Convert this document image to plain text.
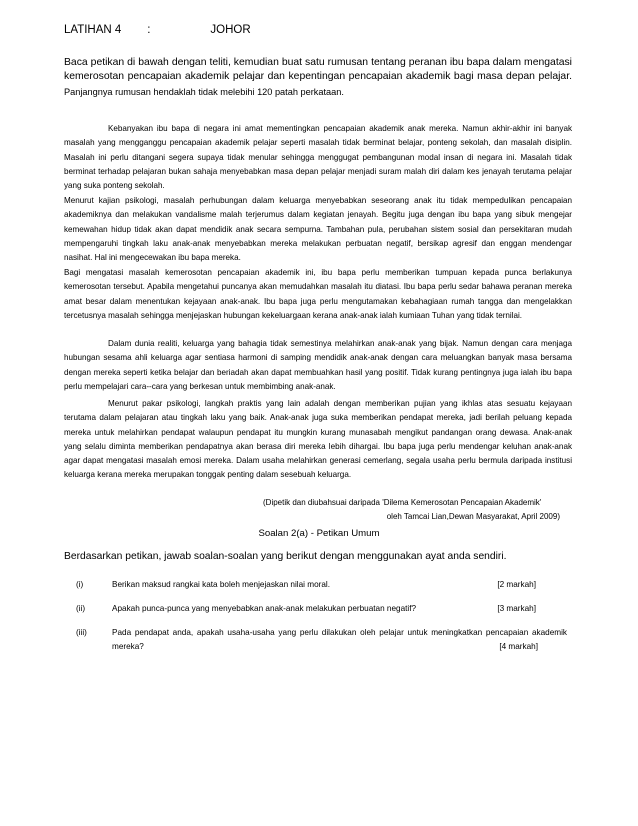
LATIHAN 4 :	JOHOR

Baca petikan di bawah dengan teliti, kemudian buat satu rumusan tentang peranan ibu bapa dalam mengatasi kemerosotan pencapaian akademik pelajar dan kepentingan pencapaian akademik bagi masa depan pelajar. Panjangnya rumusan hendaklah tidak melebihi 120 patah perkataan.

Kebanyakan ibu bapa di negara ini amat mementingkan pencapaian akademik anak mereka. Namun akhir-akhir ini banyak masalah yang mengganggu pencapaian akademik pelajar seperti masalah tidak berminat belajar, ponteng sekolah, dan masalah disiplin. Masalah ini perlu ditangani segera supaya tidak menular sehingga menggugat pembangunan modal insan di negara ini. Masalah tidak berminat terhadap pelajaran bukan sahaja menyebabkan masa depan pelajar menjadi suram malah diri dalam kes jenayah terutama pelajar yang suka ponteng sekolah.

Menurut kajian psikologi, masalah perhubungan dalam keluarga menyebabkan seseorang anak itu tidak mempedulikan pencapaian akademiknya dan melakukan vandalisme malah terjerumus dalam kegiatan jenayah. Begitu juga dengan ibu bapa yang sibuk mengejar kemewahan hidup tidak akan dapat mendidik anak secara sempurna. Tambahan pula, perubahan sistem sosial dan persekitaran mudah mempengaruhi tingkah laku anak-anak menyebabkan mereka melakukan perbuatan negatif, bersikap agresif dan enggan mendengar nasihat. Hal ini mengecewakan ibu bapa mereka.

Bagi mengatasi masalah kemerosotan pencapaian akademik ini, ibu bapa perlu memberikan tumpuan kepada punca berlakunya kemerosotan tersebut. Apabila mengetahui puncanya akan memudahkan masalah itu diatasi. Ibu bapa perlu sedar bahawa peranan mereka amat besar dalam menentukan kejayaan anak-anak. Ibu bapa juga perlu mengutamakan kebahagiaan rumah tangga dan mengelakkan tercetusnya masalah sehingga menjejaskan hubungan kekeluargaan kerana anak-anak ialah kumiaan Tuhan yang tidak ternilai.

Dalam dunia realiti, keluarga yang bahagia tidak semestinya melahirkan anak-anak yang bijak. Namun dengan cara menjaga hubungan sesama ahli keluarga agar sentiasa harmoni di samping mendidik anak-anak dengan cara meluangkan banyak masa bersama dengan mereka seperti ketika belajar dan beriadah akan dapat membuahkan hasil yang positif. Tidak kurang pentingnya juga ialah ibu bapa perlu mempelajari cara--cara yang berkesan untuk membimbing anak-anak.

Menurut pakar psikologi, langkah praktis yang lain adalah dengan memberikan pujian yang ikhlas atas sesuatu kejayaan terutama dalam pelajaran atau tingkah laku yang baik. Anak-anak juga suka memberikan pendapat mereka, jadi berilah peluang kepada mereka untuk melahirkan pendapat walaupun pendapat itu mungkin kurang munasabah mengikut pandangan orang dewasa. Anak-anak yang selalu diminta memberikan pendapatnya akan berasa diri mereka lebih dihargai. Ibu bapa juga perlu mendengar keluhan anak-anak agar dapat mengatasi masalah emosi mereka. Dalam usaha melahirkan generasi cemerlang, segala usaha perlu bermula daripada institusi keluarga kerana mereka merupakan tonggak penting dalam sesebuah keluarga.

(Dipetik dan diubahsuai daripada 'Dilema Kemerosotan Pencapaian Akademik'
oleh Tamcai Lian,Dewan Masyarakat, April 2009)
Soalan 2(a) - Petikan Umum

Berdasarkan petikan, jawab soalan-soalan yang berikut dengan menggunakan ayat anda sendiri.

(i)	Berikan maksud rangkai kata boleh menjejaskan nilai moral.	[2 markah]
(ii)	Apakah punca-punca yang menyebabkan anak-anak melakukan perbuatan negatif?	[3 markah]
(iii)	Pada pendapat anda, apakah usaha-usaha yang perlu dilakukan oleh pelajar untuk meningkatkan pencapaian akademik mereka?	[4 markah]
